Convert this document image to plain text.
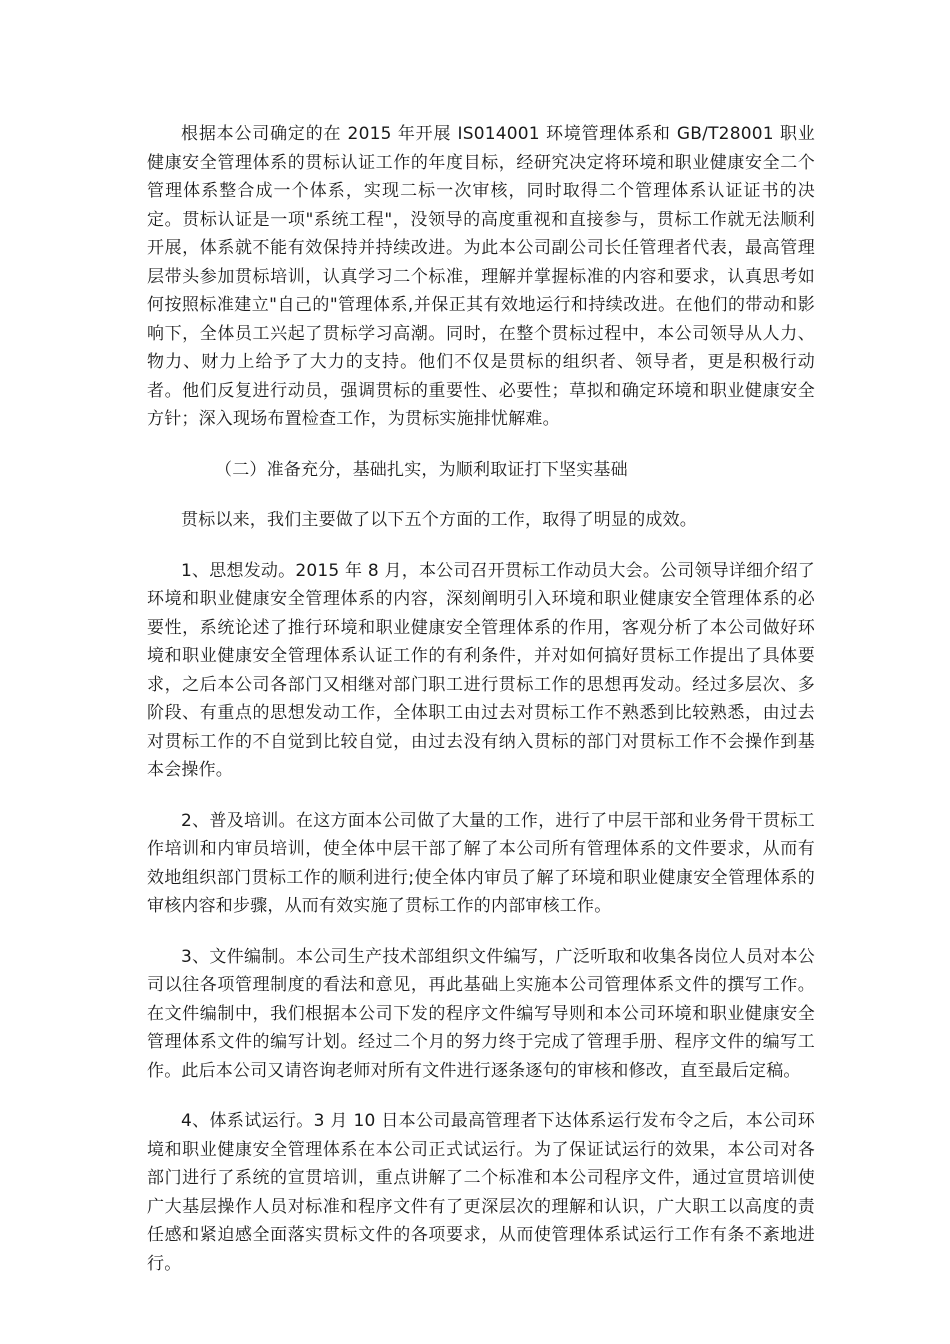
根据本公司确定的在 2015 年开展 IS014001 环境管理体系和 GB/T28001 职业健康安全管理体系的贯标认证工作的年度目标，经研究决定将环境和职业健康安全二个管理体系整合成一个体系，实现二标一次审核，同时取得二个管理体系认证证书的决定。贯标认证是一项"系统工程"，没领导的高度重视和直接参与，贯标工作就无法顺利开展，体系就不能有效保持并持续改进。为此本公司副公司长任管理者代表，最高管理层带头参加贯标培训，认真学习二个标准，理解并掌握标准的内容和要求，认真思考如何按照标准建立"自己的"管理体系,并保正其有效地运行和持续改进。在他们的带动和影响下，全体员工兴起了贯标学习高潮。同时，在整个贯标过程中，本公司领导从人力、物力、财力上给予了大力的支持。他们不仅是贯标的组织者、领导者，更是积极行动者。他们反复进行动员，强调贯标的重要性、必要性；草拟和确定环境和职业健康安全方针；深入现场布置检查工作，为贯标实施排忧解难。

（二）准备充分，基础扎实，为顺利取证打下坚实基础

贯标以来，我们主要做了以下五个方面的工作，取得了明显的成效。

1、思想发动。2015 年 8 月，本公司召开贯标工作动员大会。公司领导详细介绍了环境和职业健康安全管理体系的内容，深刻阐明引入环境和职业健康安全管理体系的必要性，系统论述了推行环境和职业健康安全管理体系的作用，客观分析了本公司做好环境和职业健康安全管理体系认证工作的有利条件，并对如何搞好贯标工作提出了具体要求，之后本公司各部门又相继对部门职工进行贯标工作的思想再发动。经过多层次、多阶段、有重点的思想发动工作，全体职工由过去对贯标工作不熟悉到比较熟悉，由过去对贯标工作的不自觉到比较自觉，由过去没有纳入贯标的部门对贯标工作不会操作到基本会操作。

2、普及培训。在这方面本公司做了大量的工作，进行了中层干部和业务骨干贯标工作培训和内审员培训，使全体中层干部了解了本公司所有管理体系的文件要求，从而有效地组织部门贯标工作的顺利进行;使全体内审员了解了环境和职业健康安全管理体系的审核内容和步骤，从而有效实施了贯标工作的内部审核工作。

3、文件编制。本公司生产技术部组织文件编写，广泛听取和收集各岗位人员对本公司以往各项管理制度的看法和意见，再此基础上实施本公司管理体系文件的撰写工作。在文件编制中，我们根据本公司下发的程序文件编写导则和本公司环境和职业健康安全管理体系文件的编写计划。经过二个月的努力终于完成了管理手册、程序文件的编写工作。此后本公司又请咨询老师对所有文件进行逐条逐句的审核和修改，直至最后定稿。

4、体系试运行。3 月 10 日本公司最高管理者下达体系运行发布令之后，本公司环境和职业健康安全管理体系在本公司正式试运行。为了保证试运行的效果，本公司对各部门进行了系统的宣贯培训，重点讲解了二个标准和本公司程序文件，通过宣贯培训使广大基层操作人员对标准和程序文件有了更深层次的理解和认识，广大职工以高度的责任感和紧迫感全面落实贯标文件的各项要求，从而使管理体系试运行工作有条不紊地进行。
